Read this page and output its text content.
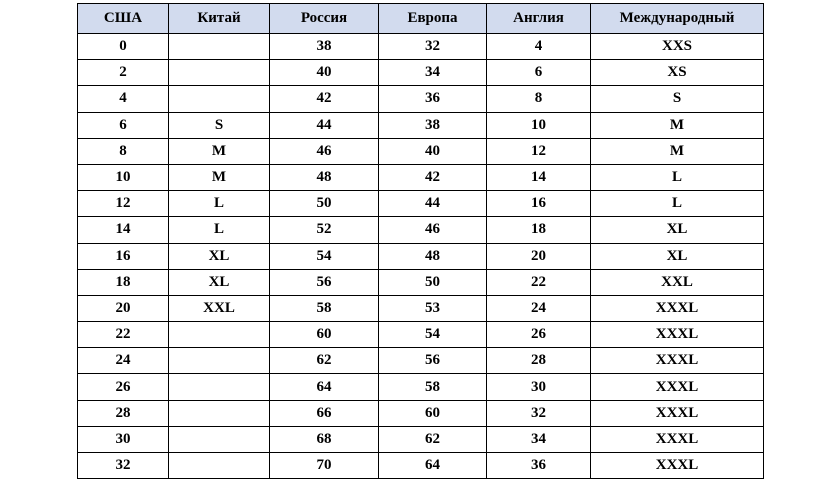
США	Китай	Россия	Европа	Англия	Международный
0		38	32	4	XXS
2		40	34	6	XS
4		42	36	8	S
6	S	44	38	10	M
8	M	46	40	12	M
10	M	48	42	14	L
12	L	50	44	16	L
14	L	52	46	18	XL
16	XL	54	48	20	XL
18	XL	56	50	22	XXL
20	XXL	58	53	24	XXXL
22		60	54	26	XXXL
24		62	56	28	XXXL
26		64	58	30	XXXL
28		66	60	32	XXXL
30		68	62	34	XXXL
32		70	64	36	XXXL
